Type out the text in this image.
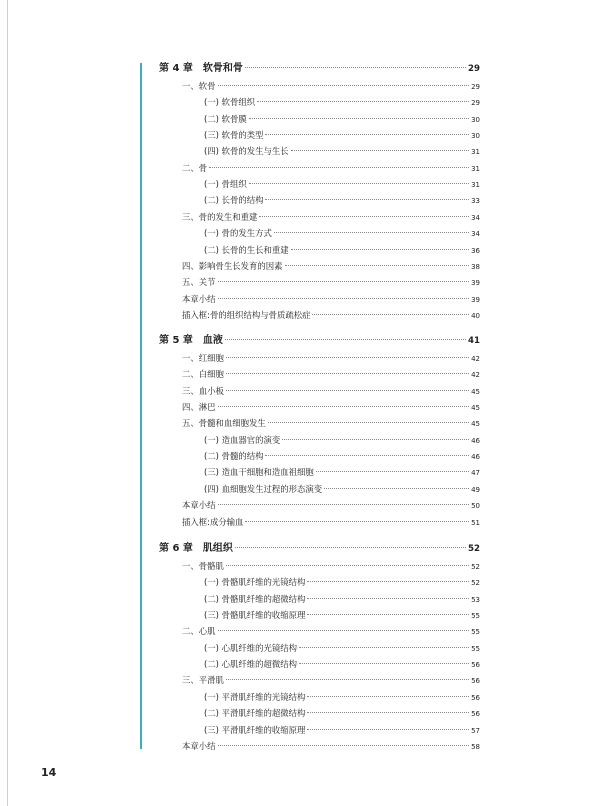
第 4 章　软骨和骨	29
一、软骨	29
(一) 软骨组织	29
(二) 软骨膜	30
(三) 软骨的类型	30
(四) 软骨的发生与生长	31
二、骨	31
(一) 骨组织	31
(二) 长骨的结构	33
三、骨的发生和重建	34
(一) 骨的发生方式	34
(二) 长骨的生长和重建	36
四、影响骨生长发育的因素	38
五、关节	39
本章小结	39
插入框:骨的组织结构与骨质疏松症	40
第 5 章　血液	41
一、红细胞	42
二、白细胞	42
三、血小板	45
四、淋巴	45
五、骨髓和血细胞发生	45
(一) 造血器官的演变	46
(二) 骨髓的结构	46
(三) 造血干细胞和造血祖细胞	47
(四) 血细胞发生过程的形态演变	49
本章小结	50
插入框:成分输血	51
第 6 章　肌组织	52
一、骨骼肌	52
(一) 骨骼肌纤维的光镜结构	52
(二) 骨骼肌纤维的超微结构	53
(三) 骨骼肌纤维的收缩原理	55
二、心肌	55
(一) 心肌纤维的光镜结构	55
(二) 心肌纤维的超微结构	56
三、平滑肌	56
(一) 平滑肌纤维的光镜结构	56
(二) 平滑肌纤维的超微结构	56
(三) 平滑肌纤维的收缩原理	57
本章小结	58
14
